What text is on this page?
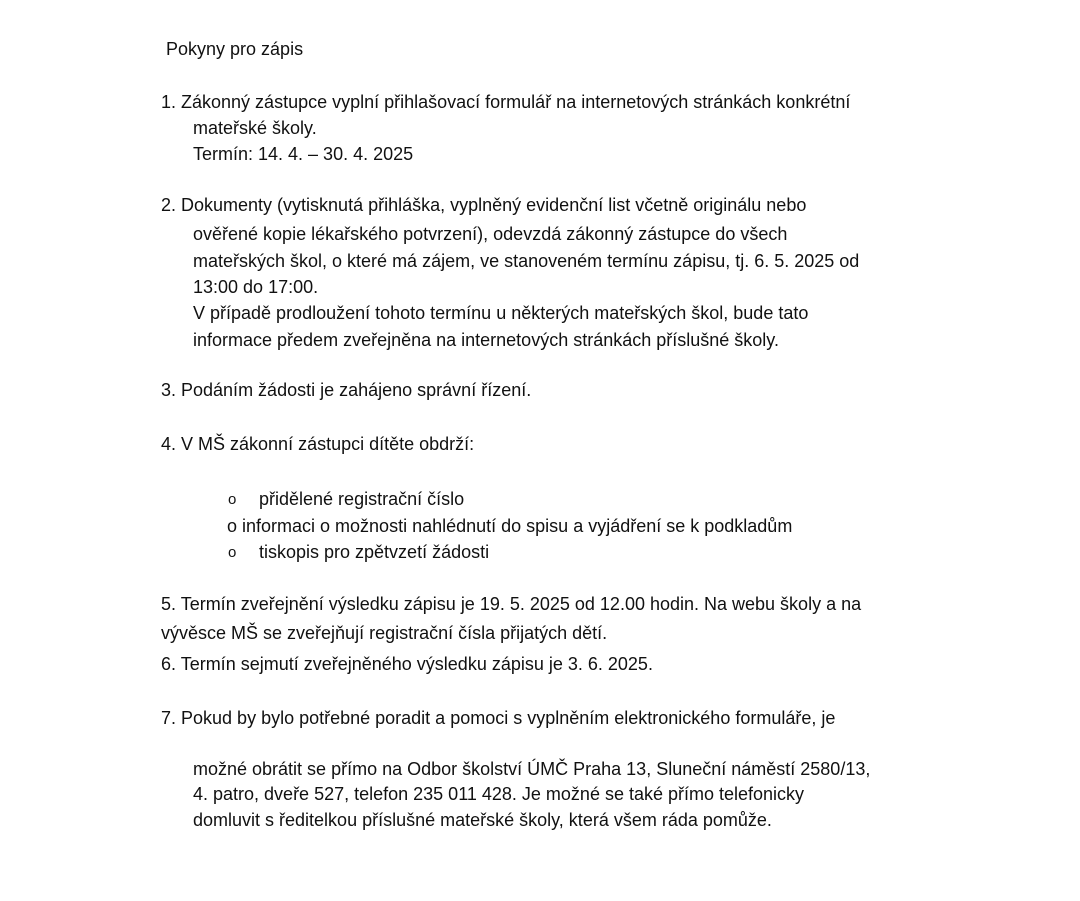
Pokyny pro zápis
1. Zákonný zástupce vyplní přihlašovací formulář na internetových stránkách konkrétní
mateřské školy.
Termín: 14. 4. – 30. 4. 2025
2. Dokumenty (vytisknutá přihláška, vyplněný evidenční list včetně originálu nebo
ověřené kopie lékařského potvrzení), odevzdá zákonný zástupce do všech
mateřských škol, o které má zájem, ve stanoveném termínu zápisu, tj. 6. 5. 2025 od
13:00 do 17:00.
V případě prodloužení tohoto termínu u některých mateřských škol, bude tato
informace předem zveřejněna na internetových stránkách příslušné školy.
3. Podáním žádosti je zahájeno správní řízení.
4. V MŠ zákonní zástupci dítěte obdrží:
o přidělené registrační číslo
o informaci o možnosti nahlédnutí do spisu a vyjádření se k podkladům
o tiskopis pro zpětvzetí žádosti
5. Termín zveřejnění výsledku zápisu je 19. 5. 2025 od 12.00 hodin. Na webu školy a na
vývěsce MŠ se zveřejňují registrační čísla přijatých dětí.
6. Termín sejmutí zveřejněného výsledku zápisu je 3. 6. 2025.
7. Pokud by bylo potřebné poradit a pomoci s vyplněním elektronického formuláře, je
možné obrátit se přímo na Odbor školství ÚMČ Praha 13, Sluneční náměstí 2580/13,
4. patro, dveře 527, telefon 235 011 428. Je možné se také přímo telefonicky
domluvit s ředitelkou příslušné mateřské školy, která všem ráda pomůže.
